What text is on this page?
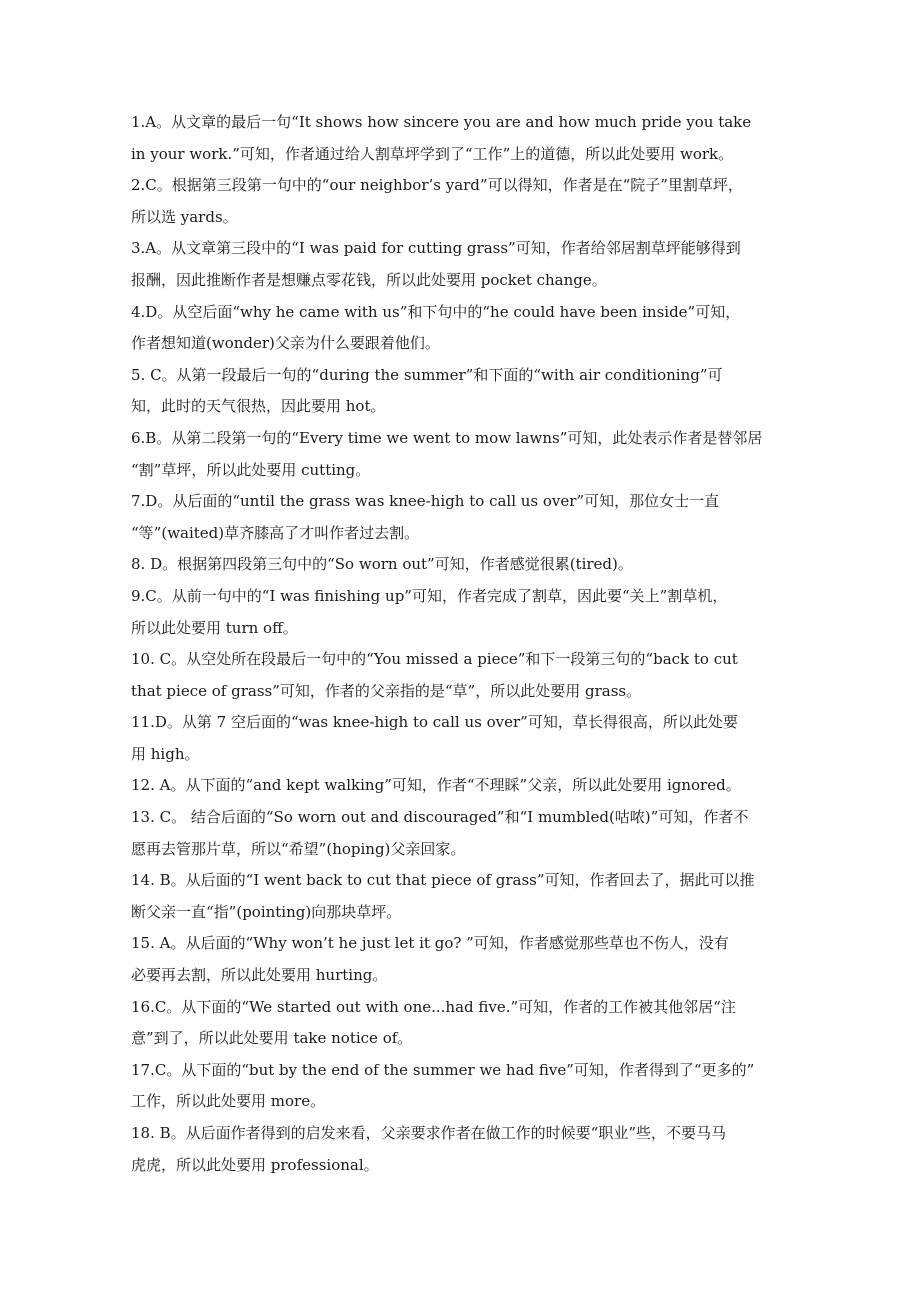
1.A。从文章的最后一句“It shows how sincere you are and how much pride you take
in your work.”可知，作者通过给人割草坪学到了“工作”上的道德，所以此处要用 work。
2.C。根据第三段第一句中的“our neighbor’s yard”可以得知，作者是在“院子”里割草坪，
所以选 yards。
3.A。从文章第三段中的“I was paid for cutting grass”可知，作者给邻居割草坪能够得到
报酬，因此推断作者是想赚点零花钱，所以此处要用 pocket change。
4.D。从空后面“why he came with us”和下句中的“he could have been inside”可知，
作者想知道(wonder)父亲为什么要跟着他们。
5. C。从第一段最后一句的“during the summer”和下面的“with air conditioning”可
知，此时的天气很热，因此要用 hot。
6.B。从第二段第一句的“Every time we went to mow lawns”可知，此处表示作者是替邻居
“割”草坪，所以此处要用 cutting。
7.D。从后面的“until the grass was knee-high to call us over”可知，那位女士一直
“等”(waited)草齐膝高了才叫作者过去割。
8. D。根据第四段第三句中的“So worn out”可知，作者感觉很累(tired)。
9.C。从前一句中的“I was finishing up”可知，作者完成了割草，因此要“关上”割草机，
所以此处要用 turn off。
10. C。从空处所在段最后一句中的“You missed a piece”和下一段第三句的“back to cut
that piece of grass”可知，作者的父亲指的是“草”，所以此处要用 grass。
11.D。从第 7 空后面的“was knee-high to call us over”可知，草长得很高，所以此处要
用 high。
12. A。从下面的“and kept walking”可知，作者“不理睬”父亲，所以此处要用 ignored。
13. C。 结合后面的“So worn out and discouraged”和“I mumbled(咕哝)”可知，作者不
愿再去管那片草，所以“希望”(hoping)父亲回家。
14. B。从后面的“I went back to cut that piece of grass”可知，作者回去了，据此可以推
断父亲一直“指”(pointing)向那块草坪。
15. A。从后面的“Why won’t he just let it go? ”可知，作者感觉那些草也不伤人，没有
必要再去割，所以此处要用 hurting。
16.C。从下面的“We started out with one...had five.”可知，作者的工作被其他邻居“注
意”到了，所以此处要用 take notice of。
17.C。从下面的“but by the end of the summer we had five”可知，作者得到了“更多的”
工作，所以此处要用 more。
18. B。从后面作者得到的启发来看，父亲要求作者在做工作的时候要“职业”些，不要马马
虎虎，所以此处要用 professional。
